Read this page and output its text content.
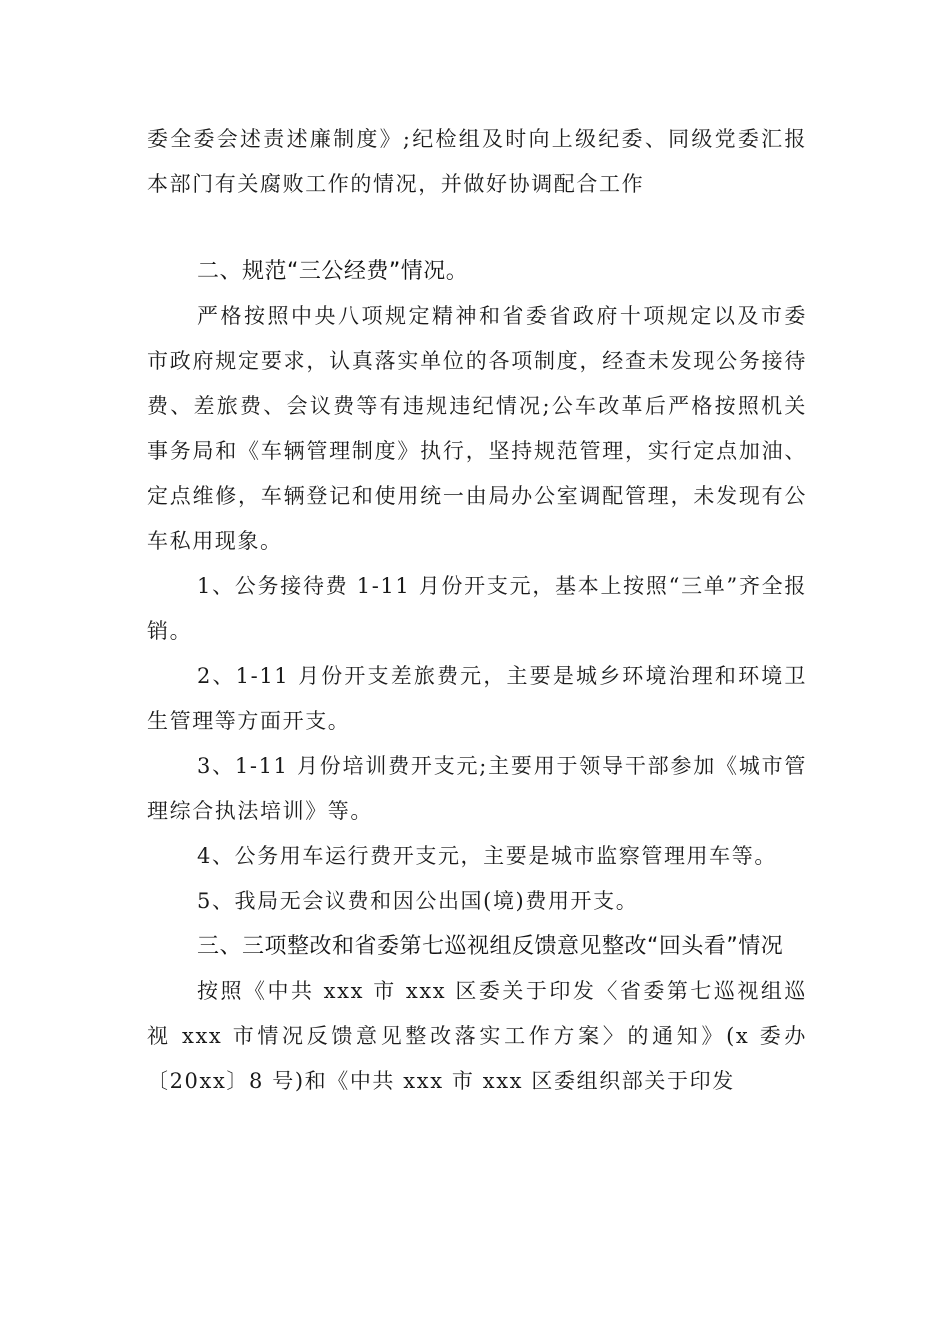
委全委会述责述廉制度》;纪检组及时向上级纪委、同级党委汇报本部门有关腐败工作的情况，并做好协调配合工作

二、规范“三公经费”情况。

严格按照中央八项规定精神和省委省政府十项规定以及市委市政府规定要求，认真落实单位的各项制度，经查未发现公务接待费、差旅费、会议费等有违规违纪情况;公车改革后严格按照机关事务局和《车辆管理制度》执行，坚持规范管理，实行定点加油、定点维修，车辆登记和使用统一由局办公室调配管理，未发现有公车私用现象。

1、公务接待费 1-11 月份开支元，基本上按照“三单”齐全报销。

2、1-11 月份开支差旅费元，主要是城乡环境治理和环境卫生管理等方面开支。

3、1-11 月份培训费开支元;主要用于领导干部参加《城市管理综合执法培训》等。

4、公务用车运行费开支元，主要是城市监察管理用车等。

5、我局无会议费和因公出国(境)费用开支。

三、三项整改和省委第七巡视组反馈意见整改“回头看”情况

按照《中共 xxx 市 xxx 区委关于印发〈省委第七巡视组巡视 xxx 市情况反馈意见整改落实工作方案〉的通知》(x 委办〔20xx〕8 号)和《中共 xxx 市 xxx 区委组织部关于印发
